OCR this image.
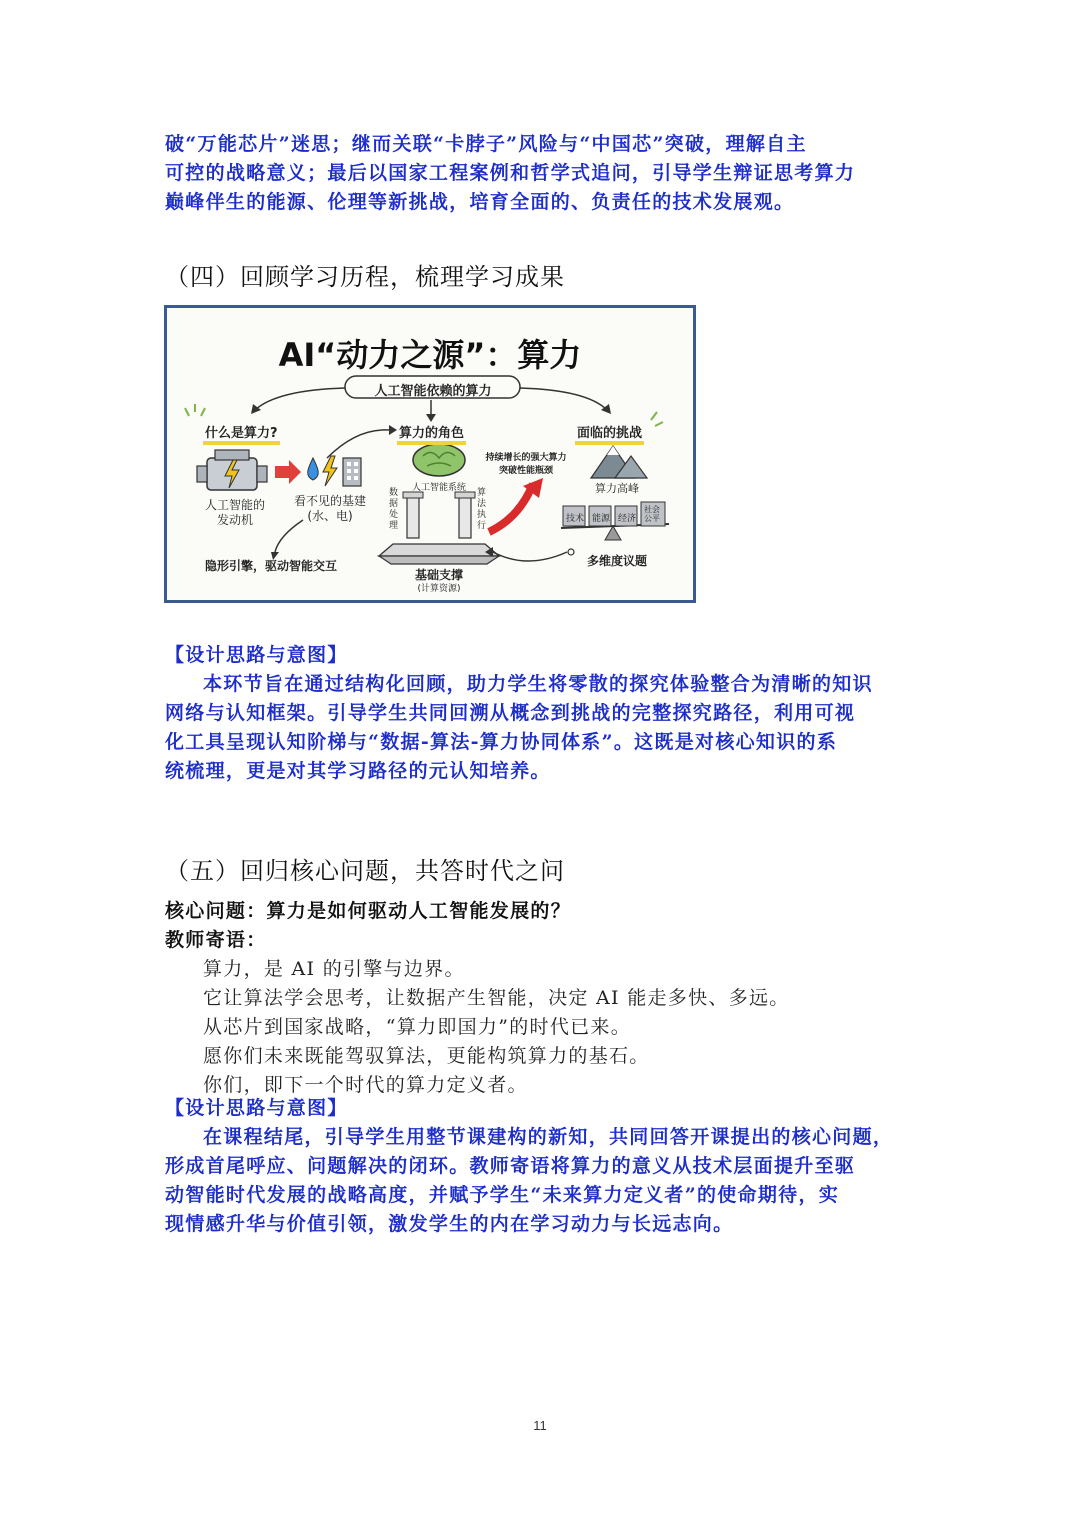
破“万能芯片”迷思；继而关联“卡脖子”风险与“中国芯”突破，理解自主
可控的战略意义；最后以国家工程案例和哲学式追问，引导学生辩证思考算力
巅峰伴生的能源、伦理等新挑战，培育全面的、负责任的技术发展观。
（四）回顾学习历程，梳理学习成果
AI“动力之源”：算力
人工智能依赖的算力
什么是算力?	算力的角色	面临的挑战
人工智能的
发动机
看不见的基建
(水、电)
隐形引擎，驱动智能交互
人工智能系统
数据处理
算法执行
基础支撑
(计算资源)
持续增长的强大算力
突破性能瓶颈
算力高峰
技术 能源 经济
社会公平
多维度议题
【设计思路与意图】
本环节旨在通过结构化回顾，助力学生将零散的探究体验整合为清晰的知识
网络与认知框架。引导学生共同回溯从概念到挑战的完整探究路径，利用可视
化工具呈现认知阶梯与“数据-算法-算力协同体系”。这既是对核心知识的系
统梳理，更是对其学习路径的元认知培养。
（五）回归核心问题，共答时代之问
核心问题：算力是如何驱动人工智能发展的？
教师寄语：
算力，是 AI 的引擎与边界。
它让算法学会思考，让数据产生智能，决定 AI 能走多快、多远。
从芯片到国家战略，“算力即国力”的时代已来。
愿你们未来既能驾驭算法，更能构筑算力的基石。
你们，即下一个时代的算力定义者。
【设计思路与意图】
在课程结尾，引导学生用整节课建构的新知，共同回答开课提出的核心问题，
形成首尾呼应、问题解决的闭环。教师寄语将算力的意义从技术层面提升至驱
动智能时代发展的战略高度，并赋予学生“未来算力定义者”的使命期待，实
现情感升华与价值引领，激发学生的内在学习动力与长远志向。
11
